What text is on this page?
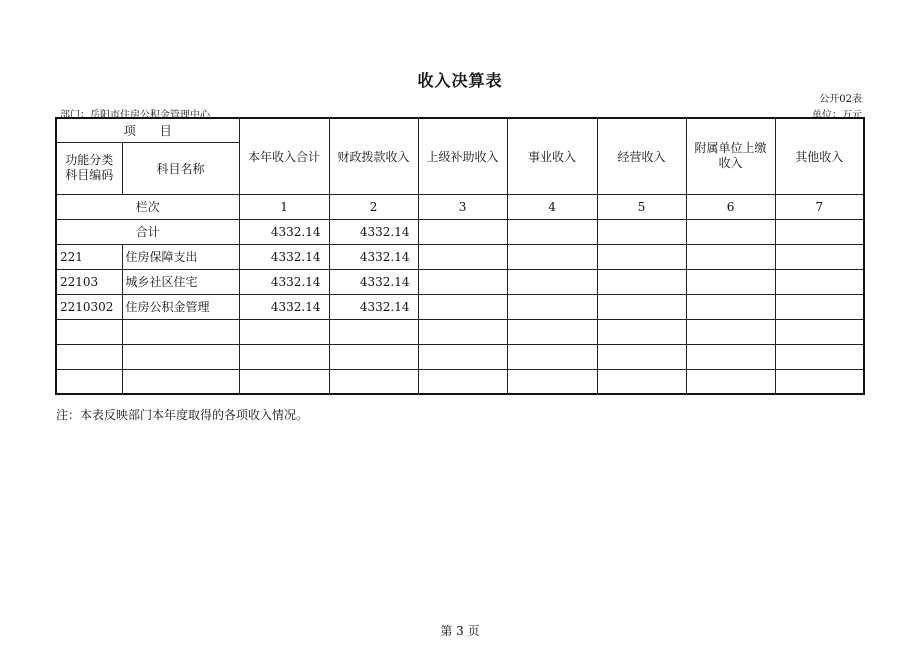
收入决算表
公开02表
部门：岳阳市住房公积金管理中心	单位：万元
项　　目		本年收入合计	财政拨款收入	上级补助收入	事业收入	经营收入	附属单位上缴收入	其他收入
功能分类科目编码	科目名称							
栏次		1	2	3	4	5	6	7
合计		4332.14	4332.14					
221	住房保障支出	4332.14	4332.14					
22103	城乡社区住宅	4332.14	4332.14					
2210302	住房公积金管理	4332.14	4332.14					

注：本表反映部门本年度取得的各项收入情况。
第 3 页
